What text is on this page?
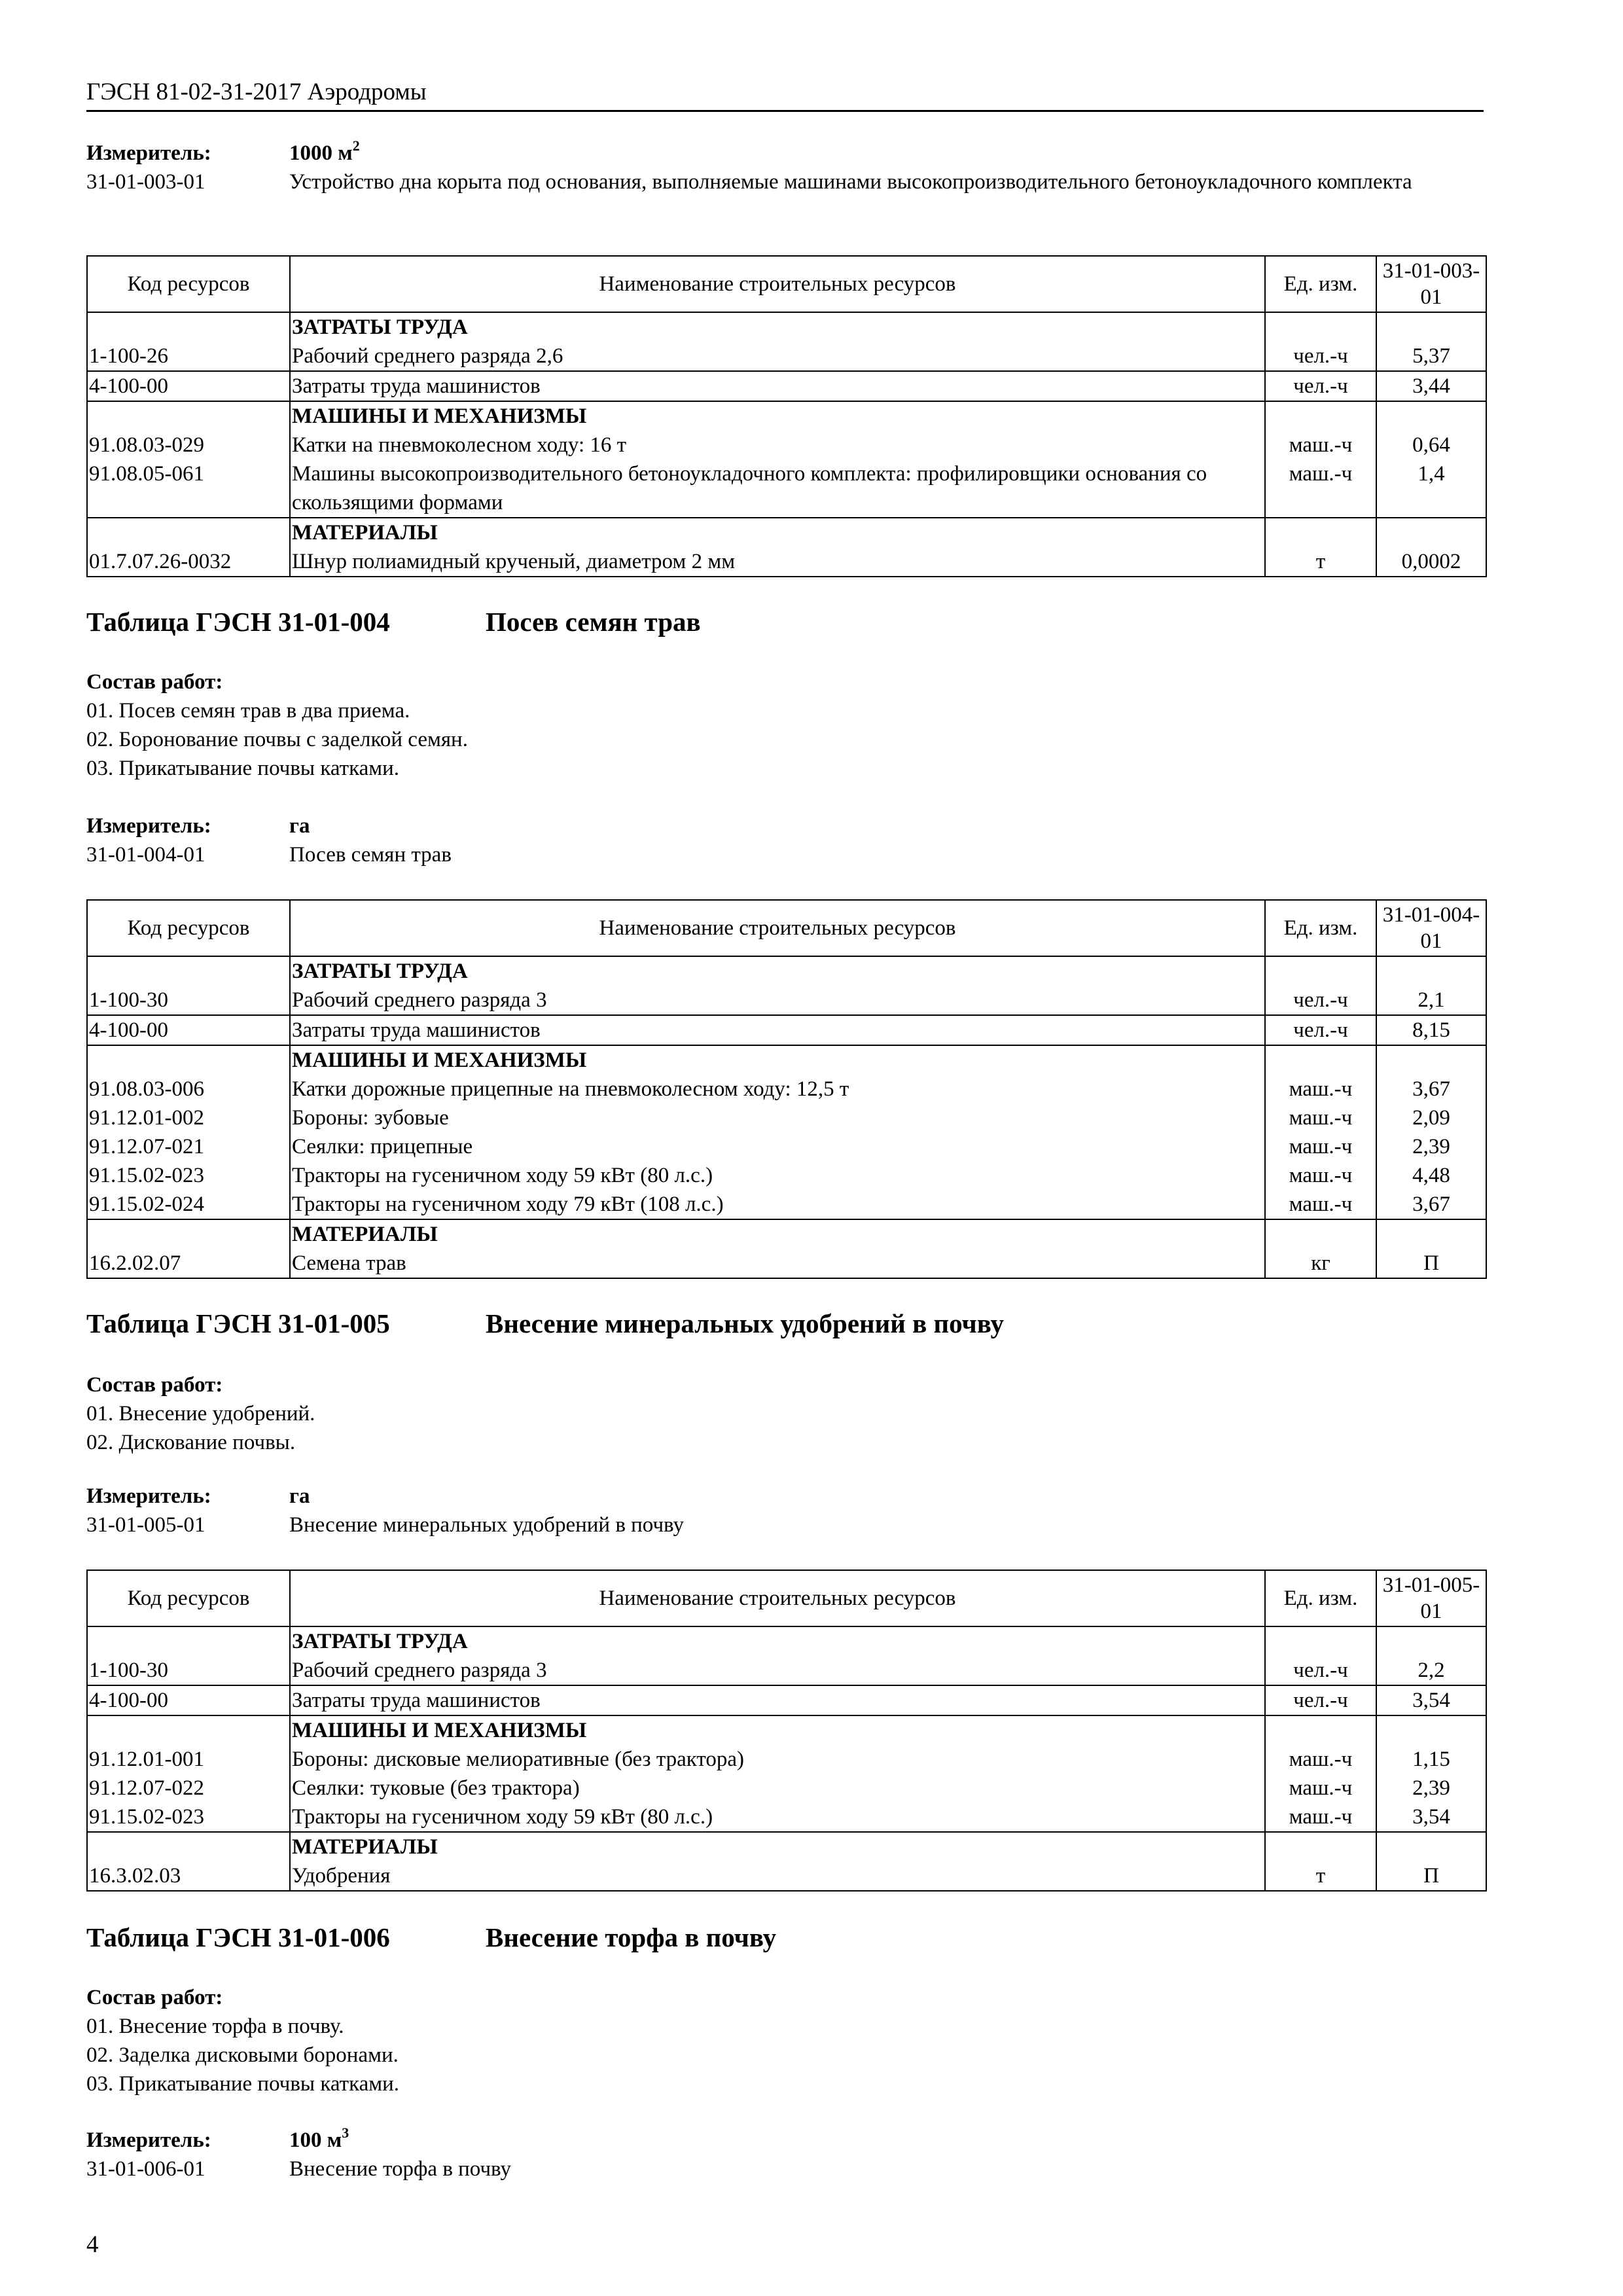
ГЭСН 81-02-31-2017 Аэродромы
Измеритель:	1000 $м^2$
31-01-003-01	Устройство дна корыта под основания, выполняемые машинами высокопроизводительного бетоноукладочного комплекта
Код ресурсов	Наименование строительных ресурсов	Ед. изм.	31-01-003-01
	ЗАТРАТЫ ТРУДА		
1-100-26	Рабочий среднего разряда 2,6	чел.-ч	5,37
4-100-00	Затраты труда машинистов	чел.-ч	3,44
	МАШИНЫ И МЕХАНИЗМЫ		
91.08.03-029	Катки на пневмоколесном ходу: 16 т	маш.-ч	0,64
91.08.05-061	Машины высокопроизводительного бетоноукладочного комплекта: профилировщики основания со скользящими формами	маш.-ч	1,4
	МАТЕРИАЛЫ		
01.7.07.26-0032	Шнур полиамидный крученый, диаметром 2 мм	т	0,0002
Таблица ГЭСН 31-01-004	Посев семян трав
Состав работ:
01. Посев семян трав в два приема.
02. Боронование почвы с заделкой семян.
03. Прикатывание почвы катками.
Измеритель:	га
31-01-004-01	Посев семян трав
Код ресурсов	Наименование строительных ресурсов	Ед. изм.	31-01-004-01
	ЗАТРАТЫ ТРУДА		
1-100-30	Рабочий среднего разряда 3	чел.-ч	2,1
4-100-00	Затраты труда машинистов	чел.-ч	8,15
	МАШИНЫ И МЕХАНИЗМЫ		
91.08.03-006	Катки дорожные прицепные на пневмоколесном ходу: 12,5 т	маш.-ч	3,67
91.12.01-002	Бороны: зубовые	маш.-ч	2,09
91.12.07-021	Сеялки: прицепные	маш.-ч	2,39
91.15.02-023	Тракторы на гусеничном ходу 59 кВт (80 л.с.)	маш.-ч	4,48
91.15.02-024	Тракторы на гусеничном ходу 79 кВт (108 л.с.)	маш.-ч	3,67
	МАТЕРИАЛЫ		
16.2.02.07	Семена трав	кг	П
Таблица ГЭСН 31-01-005	Внесение минеральных удобрений в почву
Состав работ:
01. Внесение удобрений.
02. Дискование почвы.
Измеритель:	га
31-01-005-01	Внесение минеральных удобрений в почву
Код ресурсов	Наименование строительных ресурсов	Ед. изм.	31-01-005-01
	ЗАТРАТЫ ТРУДА		
1-100-30	Рабочий среднего разряда 3	чел.-ч	2,2
4-100-00	Затраты труда машинистов	чел.-ч	3,54
	МАШИНЫ И МЕХАНИЗМЫ		
91.12.01-001	Бороны: дисковые мелиоративные (без трактора)	маш.-ч	1,15
91.12.07-022	Сеялки: туковые (без трактора)	маш.-ч	2,39
91.15.02-023	Тракторы на гусеничном ходу 59 кВт (80 л.с.)	маш.-ч	3,54
	МАТЕРИАЛЫ		
16.3.02.03	Удобрения	т	П
Таблица ГЭСН 31-01-006	Внесение торфа в почву
Состав работ:
01. Внесение торфа в почву.
02. Заделка дисковыми боронами.
03. Прикатывание почвы катками.
Измеритель:	100 $м^3$
31-01-006-01	Внесение торфа в почву
4
